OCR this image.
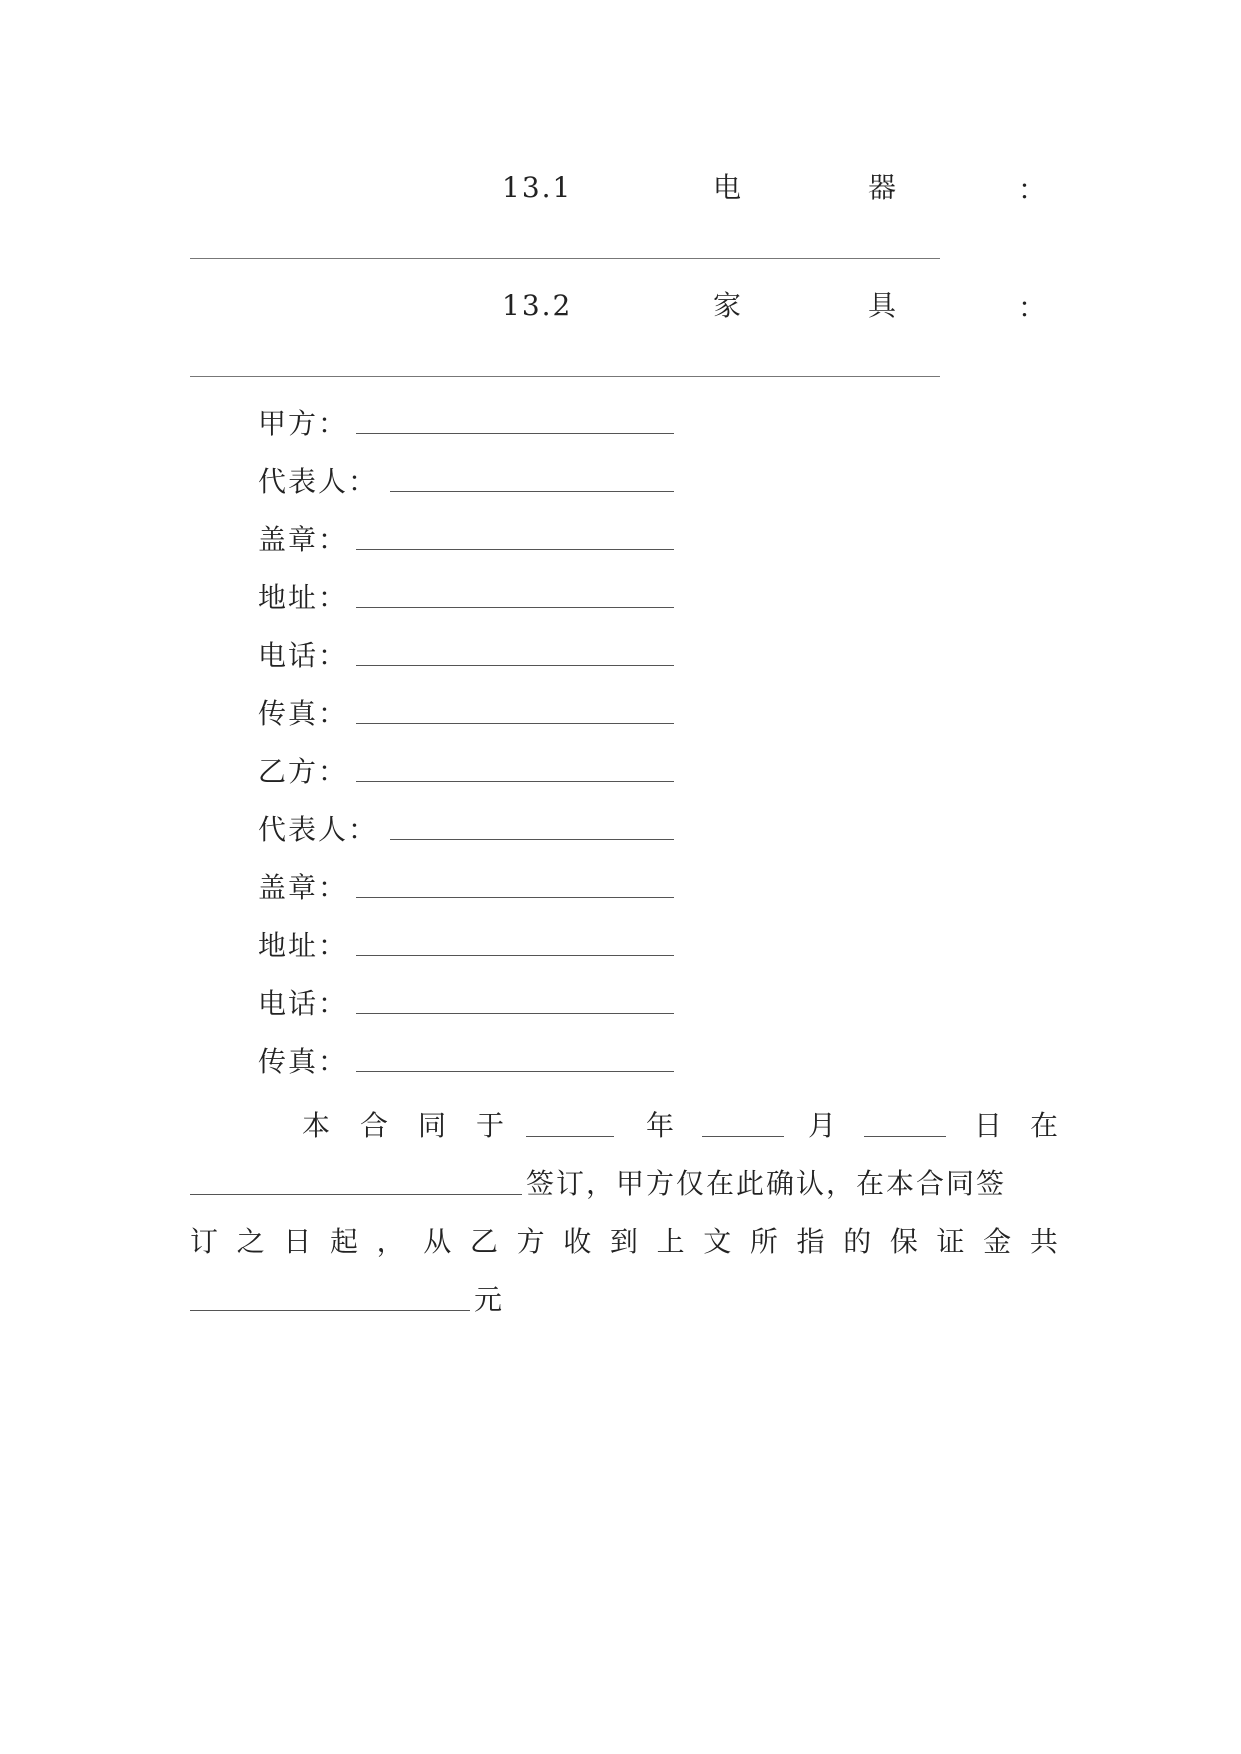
13.1	电	器	：
13.2	家	具	：
甲方：
代表人：
盖章：
地址：
电话：
传真：
乙方：
代表人：
盖章：
地址：
电话：
传真：
本 合 同 于	年	月	日 在
签订，甲方仅在此确认，在本合同签
订 之 日 起 ， 从 乙 方 收 到 上 文 所 指 的 保 证 金 共
元
